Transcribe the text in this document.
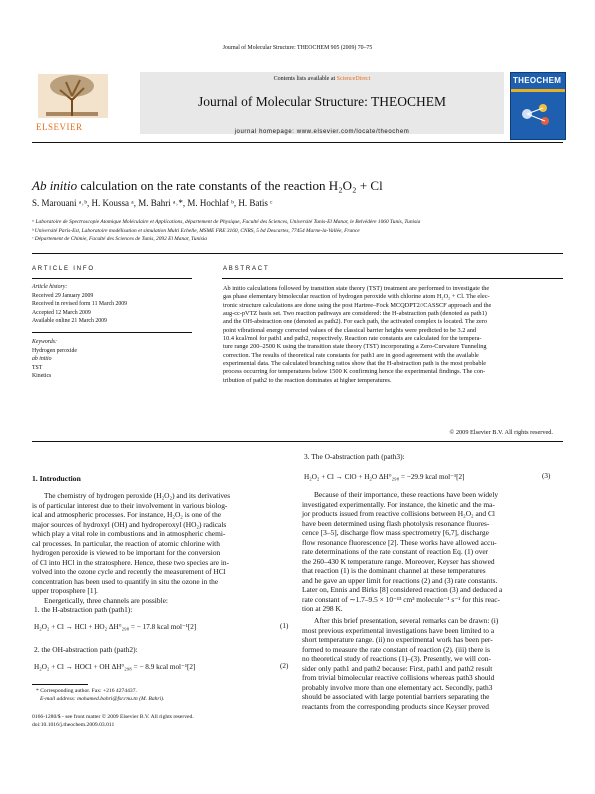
Journal of Molecular Structure: THEOCHEM 905 (2009) 70–75
ELSEVIER
Contents lists available at ScienceDirect
Journal of Molecular Structure: THEOCHEM
journal homepage: www.elsevier.com/locate/theochem
THEOCHEM
Ab initio calculation on the rate constants of the reaction H₂O₂ + Cl
S. Marouani ᵃ˒ᵇ, H. Koussa ᵃ, M. Bahri ᵃ˒*, M. Hochlaf ᵇ, H. Batis ᶜ
ᵃ Laboratoire de Spectroscopie Atomique Moléculaire et Applications, département de Physique, Faculté des Sciences, Université Tunis-El Manar, le Belvédère 1060 Tunis, Tunisia
ᵇ Université Paris-Est, Laboratoire modélisation et simulation Multi Echelle, MSME FRE 3160, CNRS, 5 bd Descartes, 77454 Marne-la-Vallée, France
ᶜ Département de Chimie, Faculté des Sciences de Tunis, 2092 El Manar, Tunisia
ARTICLE INFO
Article history:
Received 29 January 2009
Received in revised form 11 March 2009
Accepted 12 March 2009
Available online 21 March 2009
Keywords:
Hydrogen peroxide
ab initio
TST
Kinetics
ABSTRACT
Ab initio calculations followed by transition state theory (TST) treatment are performed to investigate the
gas phase elementary bimolecular reaction of hydrogen peroxide with chlorine atom H₂O₂ + Cl. The elec-
tronic structure calculations are done using the post Hartree–Fock MCQDPT2//CASSCF approach and the
aug-cc-pVTZ basis set. Two reaction pathways are considered: the H-abstraction path (denoted as path1)
and the OH-abstraction one (denoted as path2). For each path, the activated complex is located. The zero
point vibrational energy corrected values of the classical barrier heights were predicted to be 3.2 and
10.4 kcal/mol for path1 and path2, respectively. Reaction rate constants are calculated for the tempera-
ture range 200–2500 K using the transition state theory (TST) incorporating a Zero-Curvature Tunneling
correction. The results of theoretical rate constants for path1 are in good agreement with the available
experimental data. The calculated branching ratios show that the H-abstraction path is the most probable
process occurring for temperatures below 1500 K confirming hence the experimental findings. The con-
tribution of path2 to the reaction dominates at higher temperatures.
© 2009 Elsevier B.V. All rights reserved.
1. Introduction
The chemistry of hydrogen peroxide (H₂O₂) and its derivatives
is of particular interest due to their involvement in various biolog-
ical and atmospheric processes. For instance, H₂O₂ is one of the
major sources of hydroxyl (OH) and hydroperoxyl (HO₂) radicals
which play a vital role in combustions and in atmospheric chemi-
cal processes. In particular, the reaction of atomic chlorine with
hydrogen peroxide is viewed to be important for the conversion
of Cl into HCl in the stratosphere. Hence, these two species are in-
volved into the ozone cycle and recently the measurement of HCl
concentration has been used to quantify in situ the ozone in the
upper troposphere [1].
Energetically, three channels are possible:
1. the H-abstraction path (path1):
H₂O₂ + Cl → HCl + HO₂ ΔH°₂₉₈ = − 17.8 kcal mol⁻¹[2]	(1)
2. the OH-abstraction path (path2):
H₂O₂ + Cl → HOCl + OH ΔH°₂₉₈ = − 8.9 kcal mol⁻¹[2]	(2)
* Corresponding author. Fax: +216 4274437.
E-mail address: mohamed.bahri@fsr.rnu.tn (M. Bahri).
0166-1280/$ - see front matter © 2009 Elsevier B.V. All rights reserved.
doi:10.1016/j.theochem.2009.03.011
3. The O-abstraction path (path3):
H₂O₂ + Cl → ClO + H₂O ΔH°₂₉₈ = −29.9 kcal mol⁻¹[2]	(3)
Because of their importance, these reactions have been widely
investigated experimentally. For instance, the kinetic and the ma-
jor products issued from reactive collisions between H₂O₂ and Cl
have been determined using flash photolysis resonance fluores-
cence [3–5], discharge flow mass spectrometry [6,7], discharge
flow resonance fluorescence [2]. These works have allowed accu-
rate determinations of the rate constant of reaction Eq. (1) over
the 260–430 K temperature range. Moreover, Keyser has showed
that reaction (1) is the dominant channel at these temperatures
and he gave an upper limit for reactions (2) and (3) rate constants.
Later on, Ennis and Birks [8] considered reaction (3) and deduced a
rate constant of ∼1.7–9.5 × 10⁻¹³ cm³ molecule⁻¹ s⁻¹ for this reac-
tion at 298 K.
After this brief presentation, several remarks can be drawn: (i)
most previous experimental investigations have been limited to a
short temperature range. (ii) no experimental work has been per-
formed to measure the rate constant of reaction (2). (iii) there is
no theoretical study of reactions (1)–(3). Presently, we will con-
sider only path1 and path2 because: First, path1 and path2 result
from trivial bimolecular reactive collisions whereas path3 should
probably involve more than one elementary act. Secondly, path3
should be associated with large potential barriers separating the
reactants from the corresponding products since Keyser proved
